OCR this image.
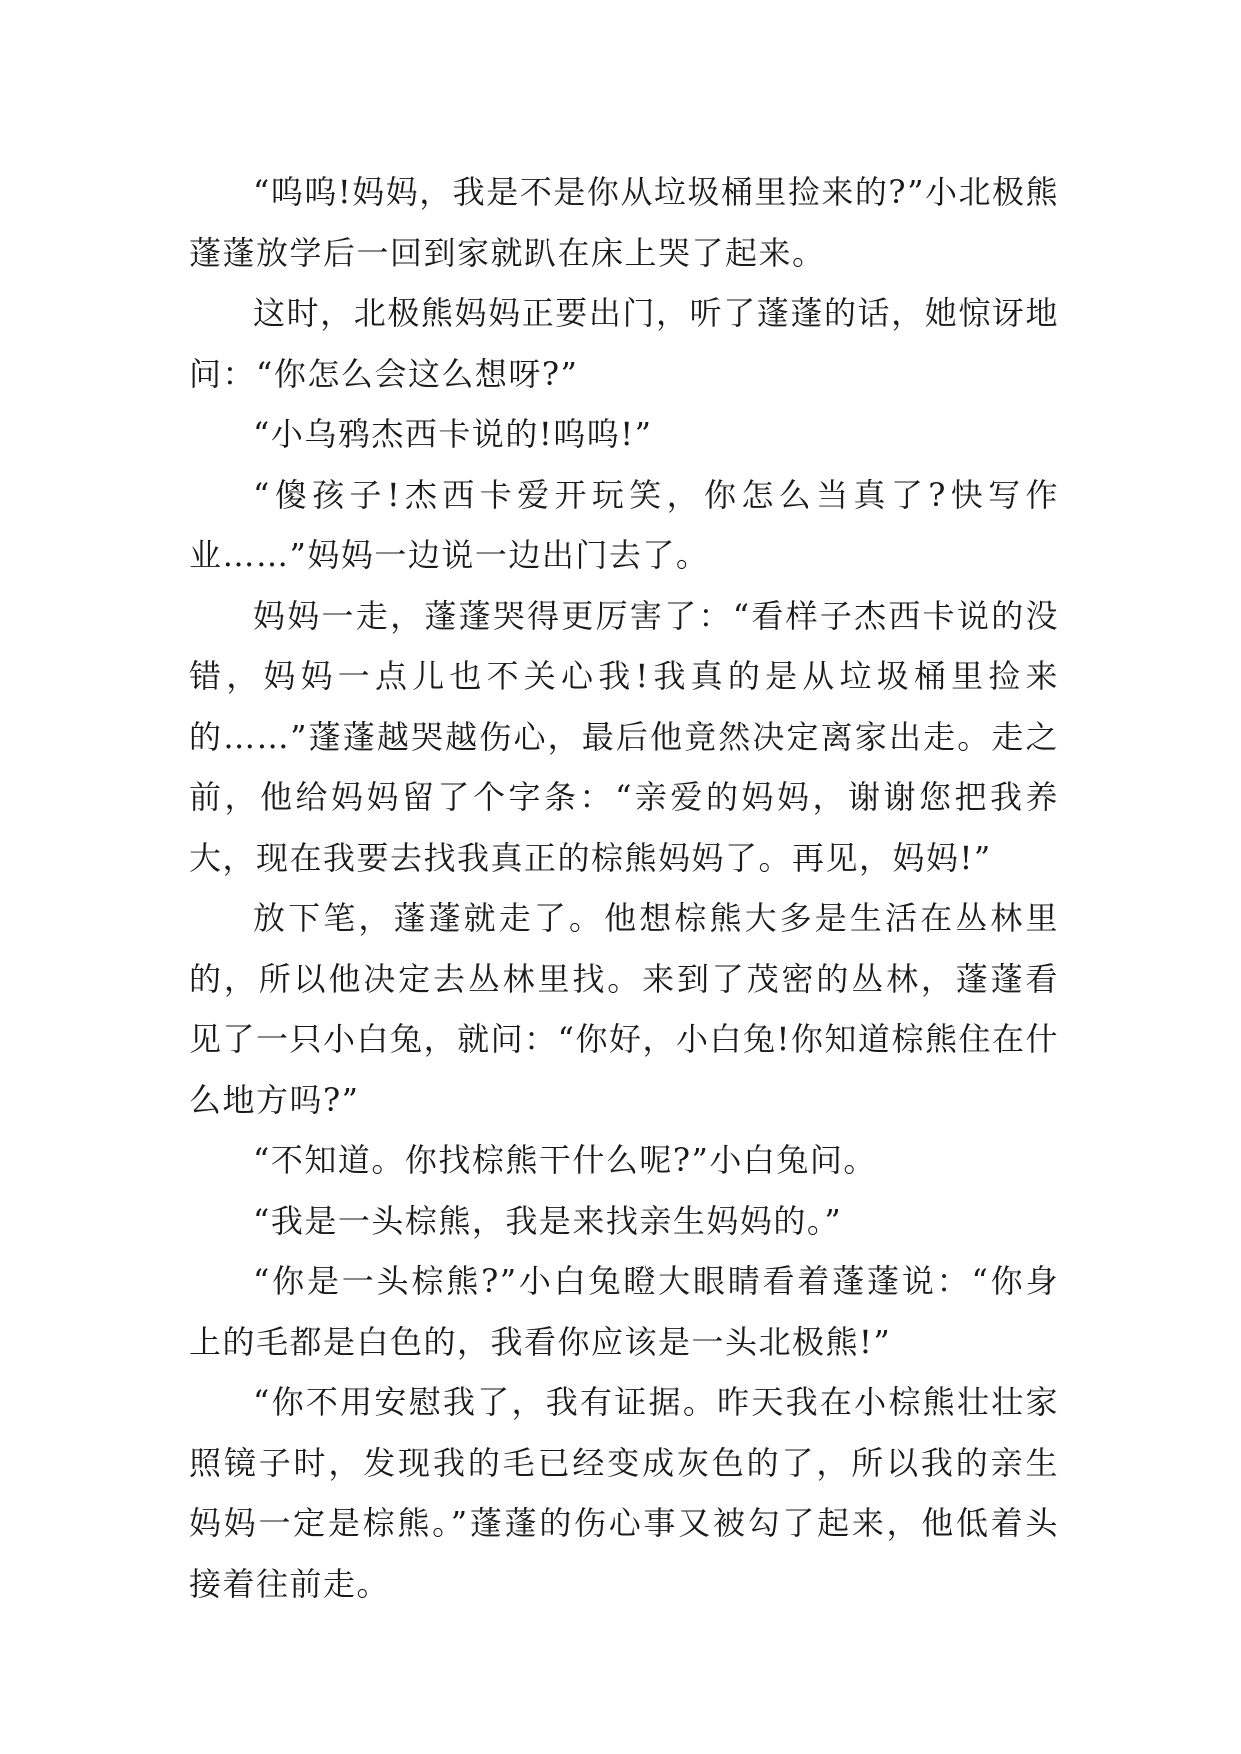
“呜呜!妈妈，我是不是你从垃圾桶里捡来的?”小北极熊蓬蓬放学后一回到家就趴在床上哭了起来。

这时，北极熊妈妈正要出门，听了蓬蓬的话，她惊讶地问：“你怎么会这么想呀?”

“小乌鸦杰西卡说的!呜呜!”

“傻孩子!杰西卡爱开玩笑，你怎么当真了?快写作业……”妈妈一边说一边出门去了。

妈妈一走，蓬蓬哭得更厉害了：“看样子杰西卡说的没错，妈妈一点儿也不关心我!我真的是从垃圾桶里捡来的……”蓬蓬越哭越伤心，最后他竟然决定离家出走。走之前，他给妈妈留了个字条：“亲爱的妈妈，谢谢您把我养大，现在我要去找我真正的棕熊妈妈了。再见，妈妈!”

放下笔，蓬蓬就走了。他想棕熊大多是生活在丛林里的，所以他决定去丛林里找。来到了茂密的丛林，蓬蓬看见了一只小白兔，就问：“你好，小白兔!你知道棕熊住在什么地方吗?”

“不知道。你找棕熊干什么呢?”小白兔问。

“我是一头棕熊，我是来找亲生妈妈的。”

“你是一头棕熊?”小白兔瞪大眼睛看着蓬蓬说：“你身上的毛都是白色的，我看你应该是一头北极熊!”

“你不用安慰我了，我有证据。昨天我在小棕熊壮壮家照镜子时，发现我的毛已经变成灰色的了，所以我的亲生妈妈一定是棕熊。”蓬蓬的伤心事又被勾了起来，他低着头接着往前走。
